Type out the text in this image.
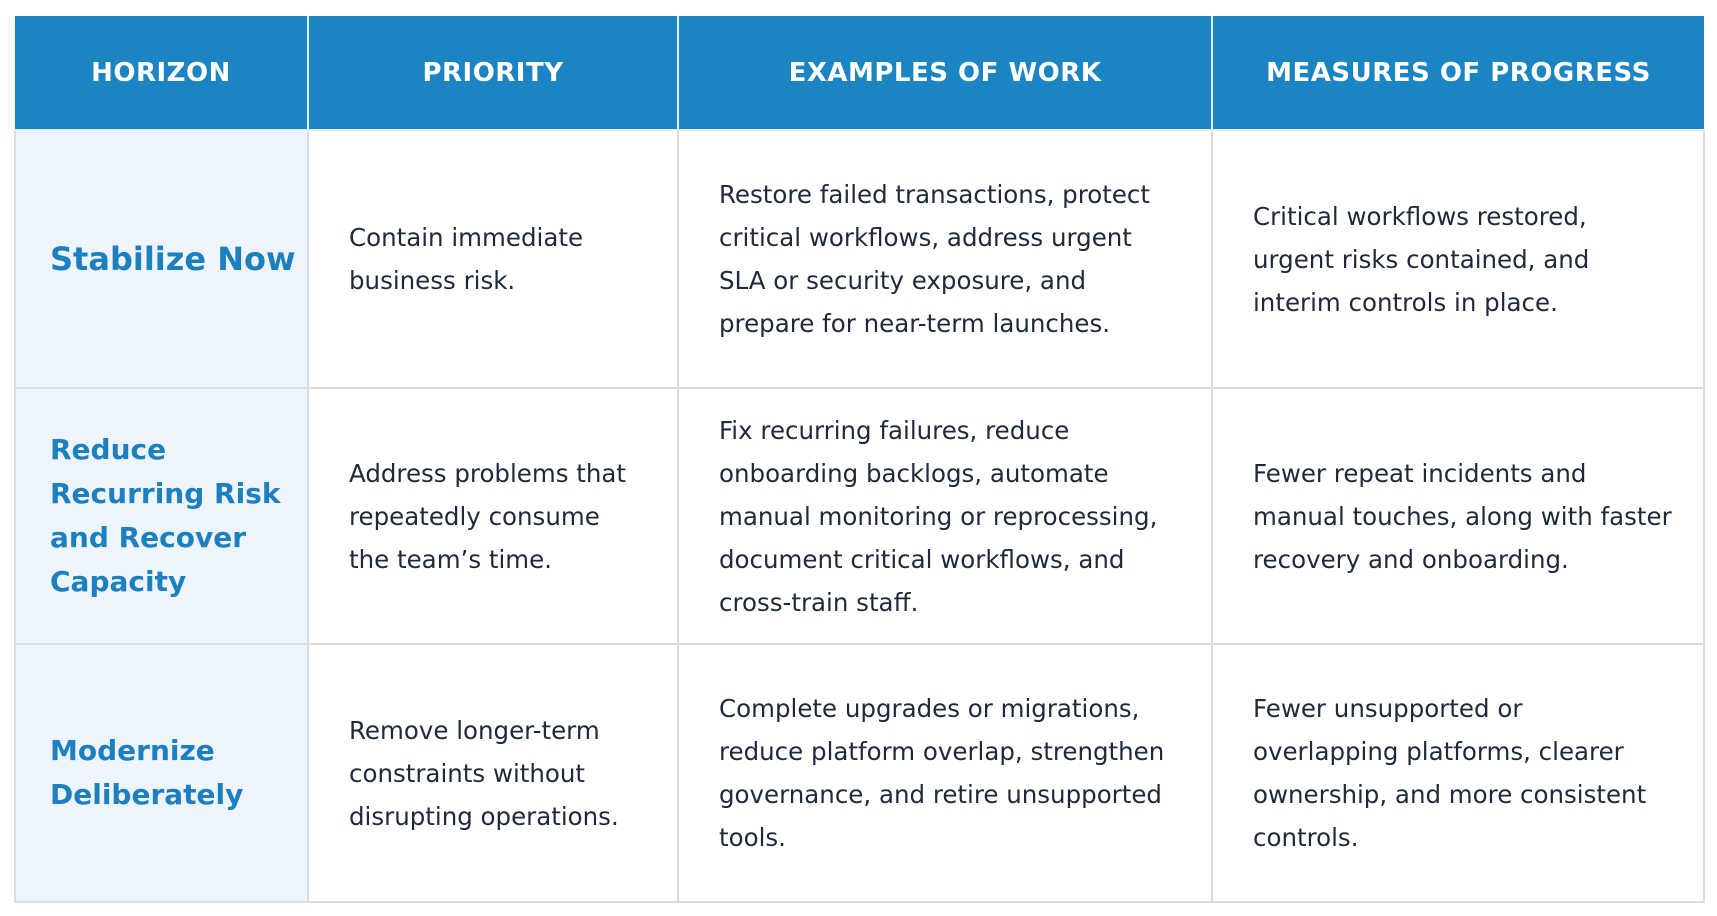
HORIZON	PRIORITY	EXAMPLES OF WORK	MEASURES OF PROGRESS
Stabilize Now	Contain immediate business risk.	Restore failed transactions, protect critical workflows, address urgent SLA or security exposure, and prepare for near-term launches.	Critical workflows restored, urgent risks contained, and interim controls in place.
Reduce Recurring Risk and Recover Capacity	Address problems that repeatedly consume the team’s time.	Fix recurring failures, reduce onboarding backlogs, automate manual monitoring or reprocessing, document critical workflows, and cross-train staff.	Fewer repeat incidents and manual touches, along with faster recovery and onboarding.
Modernize Deliberately	Remove longer-term constraints without disrupting operations.	Complete upgrades or migrations, reduce platform overlap, strengthen governance, and retire unsupported tools.	Fewer unsupported or overlapping platforms, clearer ownership, and more consistent controls.
